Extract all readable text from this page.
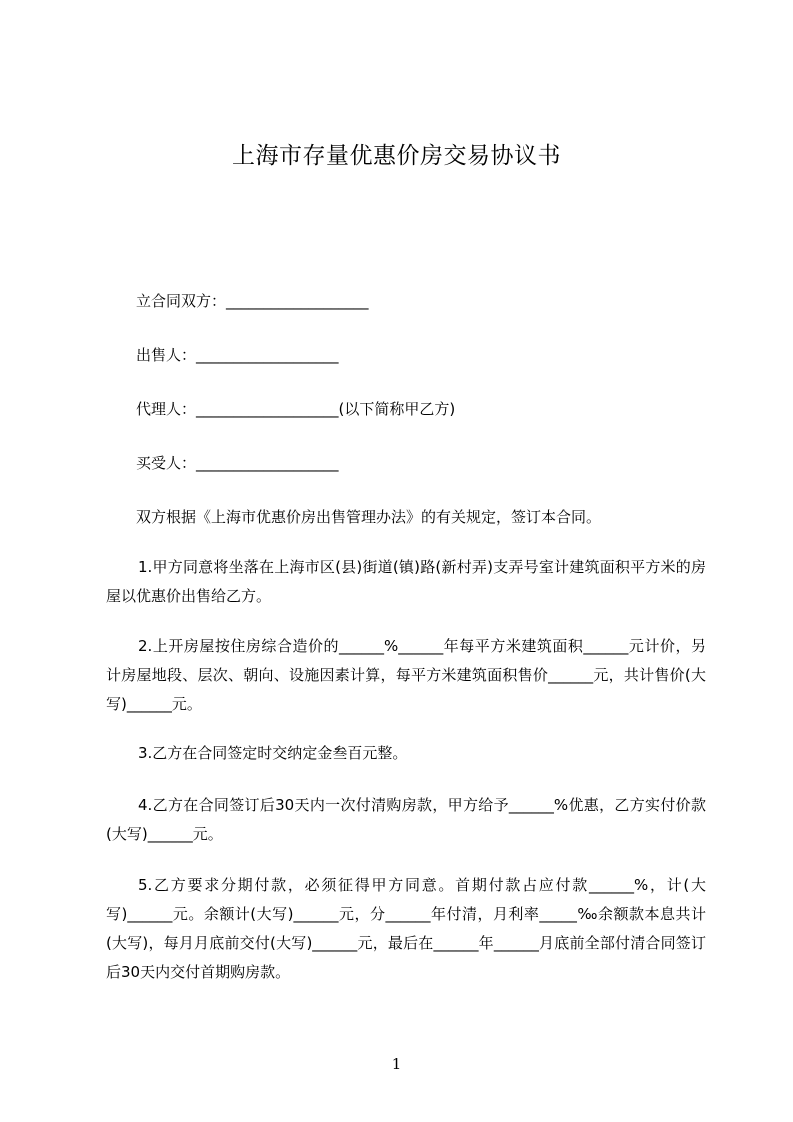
上海市存量优惠价房交易协议书
立合同双方：___________________
出售人：___________________
代理人：___________________(以下简称甲乙方)
买受人：___________________
双方根据《上海市优惠价房出售管理办法》的有关规定，签订本合同。
1.甲方同意将坐落在上海市区(县)街道(镇)路(新村弄)支弄号室计建筑面积平方米的房屋以优惠价出售给乙方。
2.上开房屋按住房综合造价的______%______年每平方米建筑面积______元计价，另计房屋地段、层次、朝向、设施因素计算，每平方米建筑面积售价______元，共计售价(大写)______元。
3.乙方在合同签定时交纳定金叁百元整。
4.乙方在合同签订后30天内一次付清购房款，甲方给予______%优惠，乙方实付价款(大写)______元。
5.乙方要求分期付款，必须征得甲方同意。首期付款占应付款______%，计(大写)______元。余额计(大写)______元，分______年付清，月利率_____‰余额款本息共计(大写)，每月月底前交付(大写)______元，最后在______年______月底前全部付清合同签订后30天内交付首期购房款。
1
